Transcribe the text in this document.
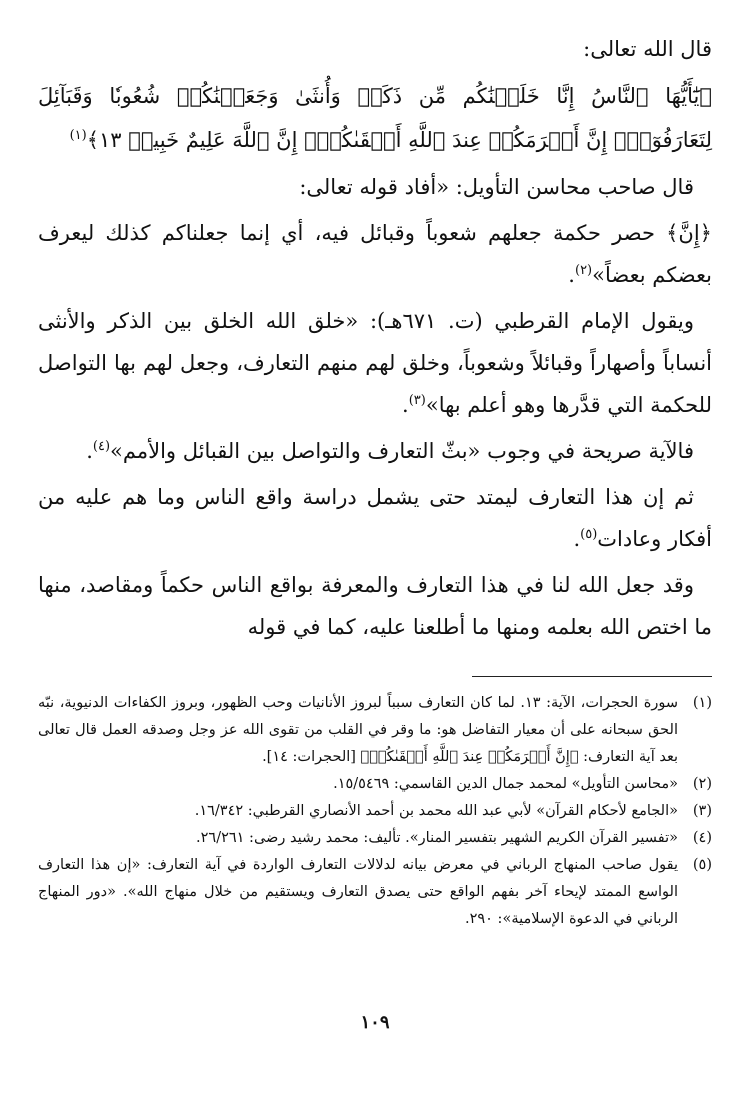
قال الله تعالى:

﴿يَٰٓأَيُّهَا ٱلنَّاسُ إِنَّا خَلَقۡنَٰكُم مِّن ذَكَرٖ وَأُنثَىٰ وَجَعَلۡنَٰكُمۡ شُعُوبٗا وَقَبَآئِلَ لِتَعَارَفُوٓاْۚ إِنَّ أَكۡرَمَكُمۡ عِندَ ٱللَّهِ أَتۡقَىٰكُمۡۚ إِنَّ ٱللَّهَ عَلِيمٌ خَبِيرٞ ١٣﴾$^{(١)}$

قال صاحب محاسن التأويل: «أفاد قوله تعالى:

﴿إِنَّ﴾ حصر حكمة جعلهم شعوباً وقبائل فيه، أي إنما جعلناكم كذلك ليعرف بعضكم بعضاً»$^{(٢)}$.

ويقول الإمام القرطبي (ت. ٦٧١هـ): «خلق الله الخلق بين الذكر والأنثى أنساباً وأصهاراً وقبائلاً وشعوباً، وخلق لهم منهم التعارف، وجعل لهم بها التواصل للحكمة التي قدَّرها وهو أعلم بها»$^{(٣)}$.

فالآية صريحة في وجوب «بثّ التعارف والتواصل بين القبائل والأمم»$^{(٤)}$.

ثم إن هذا التعارف ليمتد حتى يشمل دراسة واقع الناس وما هم عليه من أفكار وعادات$^{(٥)}$.

وقد جعل الله لنا في هذا التعارف والمعرفة بواقع الناس حكماً ومقاصد، منها ما اختص الله بعلمه ومنها ما أطلعنا عليه، كما في قوله

(١)
سورة الحجرات، الآية: ١٣. لما كان التعارف سبباً لبروز الأنانيات وحب الظهور، وبروز الكفاءات الدنيوية، نبّه الحق سبحانه على أن معيار التفاضل هو: ما وقر في القلب من تقوى الله عز وجل وصدقه العمل قال تعالى بعد آية التعارف: ﴿إِنَّ أَكۡرَمَكُمۡ عِندَ ٱللَّهِ أَتۡقَىٰكُمۡ﴾ [الحجرات: ١٤].
(٢)
«محاسن التأويل» لمحمد جمال الدين القاسمي: ١٥/٥٤٦٩.
(٣)
«الجامع لأحكام القرآن» لأبي عبد الله محمد بن أحمد الأنصاري القرطبي: ١٦/٣٤٢.
(٤)
«تفسير القرآن الكريم الشهير بتفسير المنار». تأليف: محمد رشيد رضى: ٢٦/٢٦١.
(٥)
يقول صاحب المنهاج الرباني في معرض بيانه لدلالات التعارف الواردة في آية التعارف: «إن هذا التعارف الواسع الممتد لإيحاء آخر بفهم الواقع حتى يصدق التعارف ويستقيم من خلال منهاج الله». «دور المنهاج الرباني في الدعوة الإسلامية»: ٢٩٠.
١٠٩
